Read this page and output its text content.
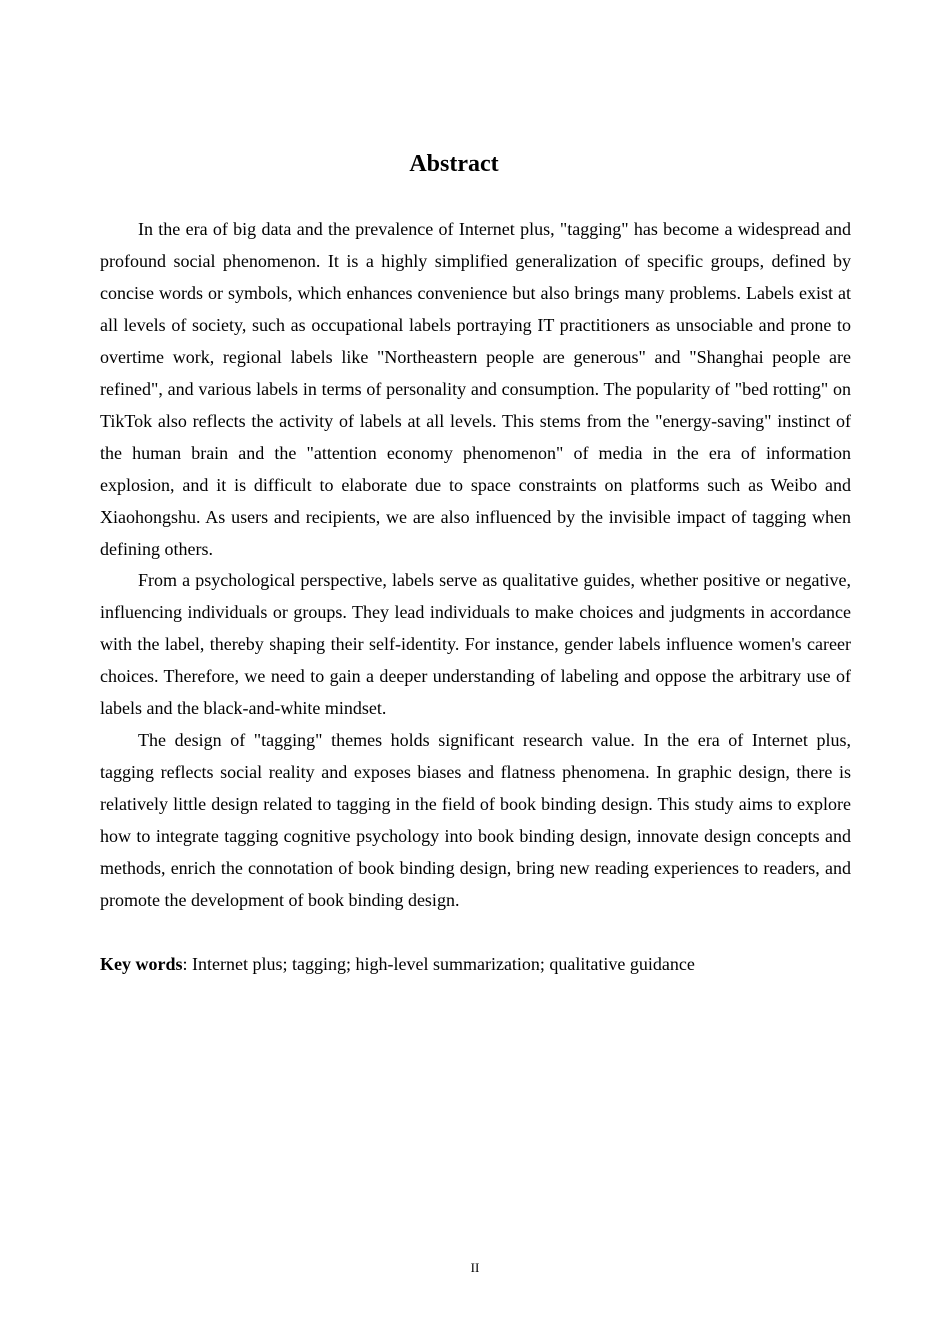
Abstract

In the era of big data and the prevalence of Internet plus, "tagging" has become a widespread and profound social phenomenon. It is a highly simplified generalization of specific groups, defined by concise words or symbols, which enhances convenience but also brings many problems. Labels exist at all levels of society, such as occupational labels portraying IT practitioners as unsociable and prone to overtime work, regional labels like "Northeastern people are generous" and "Shanghai people are refined", and various labels in terms of personality and consumption. The popularity of "bed rotting" on TikTok also reflects the activity of labels at all levels. This stems from the "energy-saving" instinct of the human brain and the "attention economy phenomenon" of media in the era of information explosion, and it is difficult to elaborate due to space constraints on platforms such as Weibo and Xiaohongshu. As users and recipients, we are also influenced by the invisible impact of tagging when defining others.

From a psychological perspective, labels serve as qualitative guides, whether positive or negative, influencing individuals or groups. They lead individuals to make choices and judgments in accordance with the label, thereby shaping their self-identity. For instance, gender labels influence women's career choices. Therefore, we need to gain a deeper understanding of labeling and oppose the arbitrary use of labels and the black-and-white mindset.

The design of "tagging" themes holds significant research value. In the era of Internet plus, tagging reflects social reality and exposes biases and flatness phenomena. In graphic design, there is relatively little design related to tagging in the field of book binding design. This study aims to explore how to integrate tagging cognitive psychology into book binding design, innovate design concepts and methods, enrich the connotation of book binding design, bring new reading experiences to readers, and promote the development of book binding design.

Key words: Internet plus; tagging; high-level summarization; qualitative guidance
II
